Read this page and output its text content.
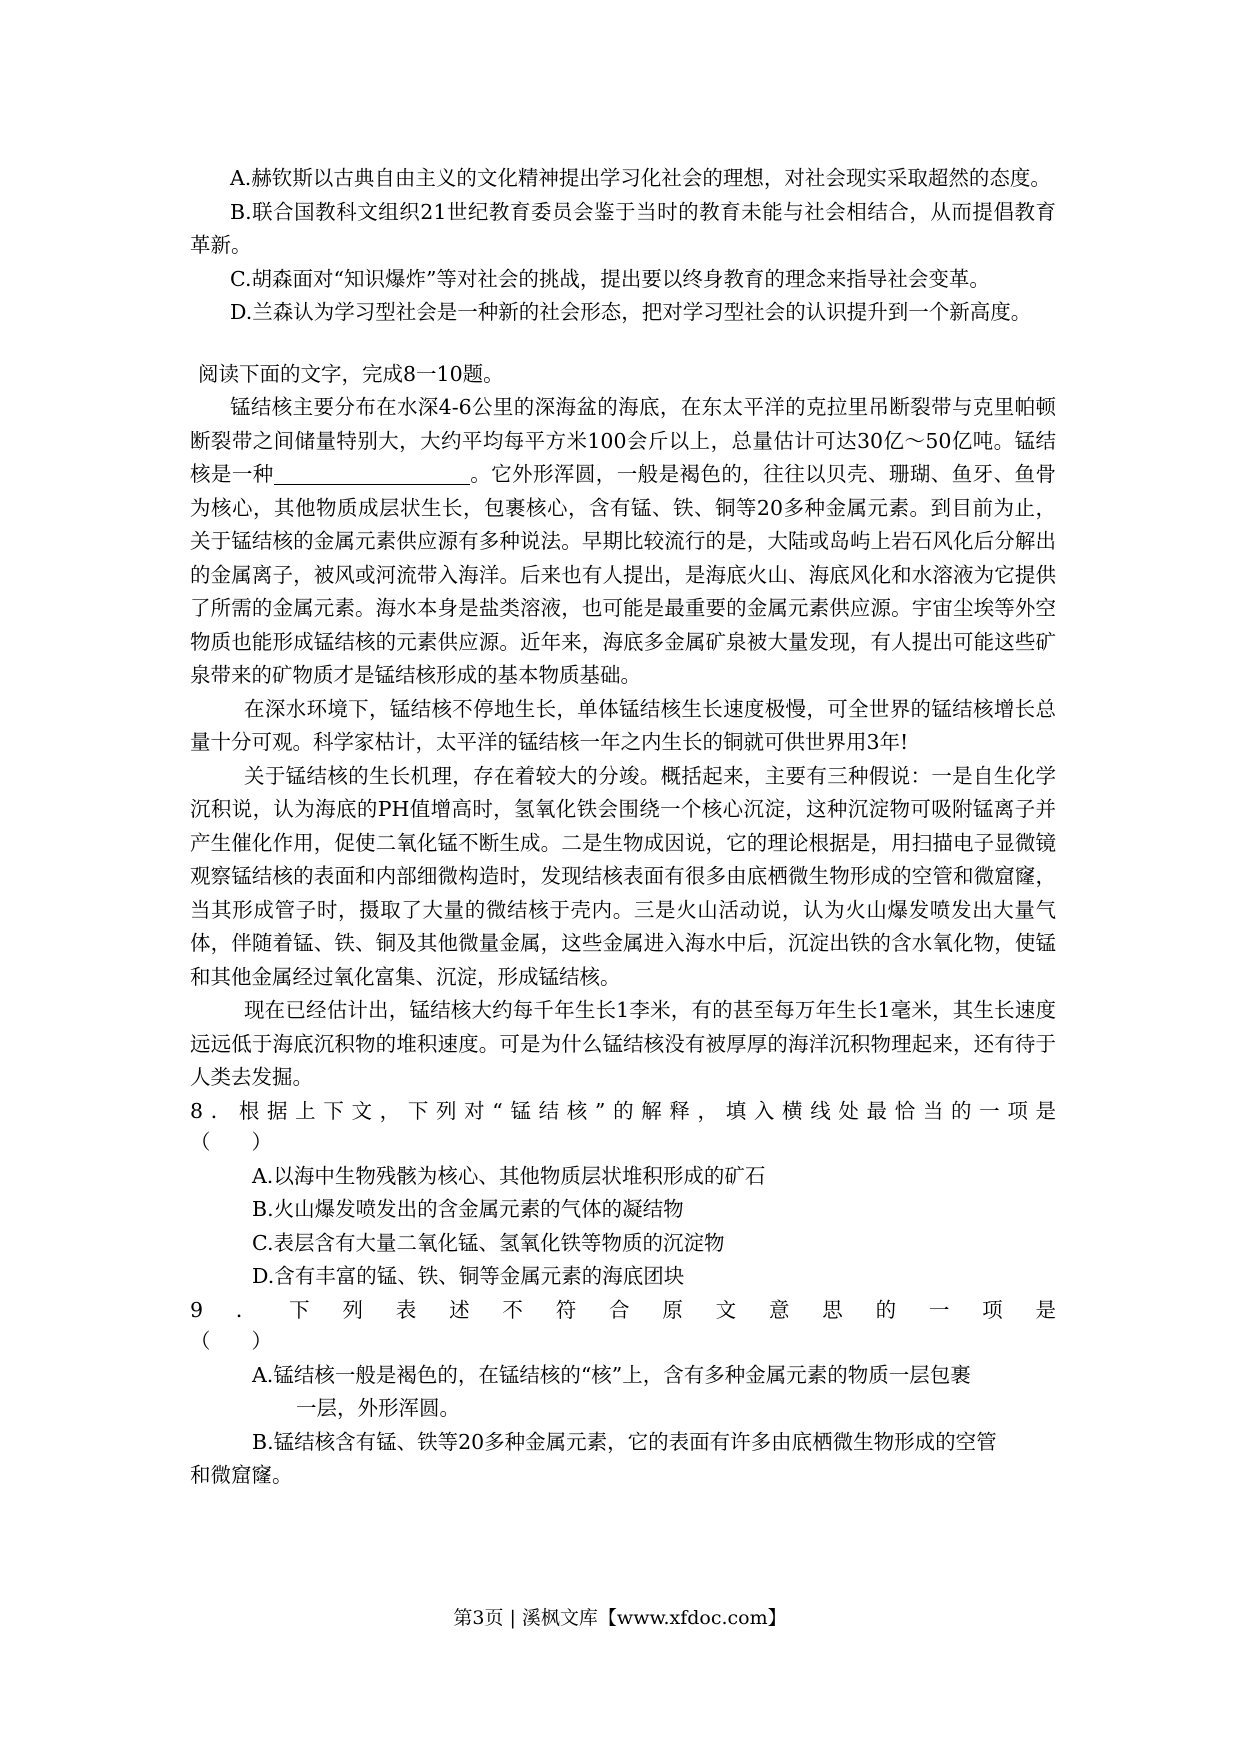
A.赫钦斯以古典自由主义的文化精神提出学习化社会的理想，对社会现实采取超然的态度。

B.联合国教科文组织21世纪教育委员会鉴于当时的教育未能与社会相结合，从而提倡教育革新。

C.胡森面对“知识爆炸”等对社会的挑战，提出要以终身教育的理念来指导社会变革。

D.兰森认为学习型社会是一种新的社会形态，把对学习型社会的认识提升到一个新高度。

阅读下面的文字，完成8一10题。

锰结核主要分布在水深4-6公里的深海盆的海底，在东太平洋的克拉里吊断裂带与克里帕顿断裂带之间储量特别大，大约平均每平方米100会斤以上，总量估计可达30亿～50亿吨。锰结核是一种	。它外形浑圆，一般是褐色的，往往以贝壳、珊瑚、鱼牙、鱼骨为核心，其他物质成层状生长，包裹核心，含有锰、铁、铜等20多种金属元素。到目前为止，关于锰结核的金属元素供应源有多种说法。早期比较流行的是，大陆或岛屿上岩石风化后分解出的金属离子，被风或河流带入海洋。后来也有人提出，是海底火山、海底风化和水溶液为它提供了所需的金属元素。海水本身是盐类溶液，也可能是最重要的金属元素供应源。宇宙尘埃等外空物质也能形成锰结核的元素供应源。近年来，海底多金属矿泉被大量发现，有人提出可能这些矿泉带来的矿物质才是锰结核形成的基本物质基础。

在深水环境下，锰结核不停地生长，单体锰结核生长速度极慢，可全世界的锰结核增长总量十分可观。科学家枯计，太平洋的锰结核一年之内生长的铜就可供世界用3年!

关于锰结核的生长机理，存在着较大的分竣。概括起来，主要有三种假说：一是自生化学沉积说，认为海底的PH值增高时，氢氧化铁会围绕一个核心沉淀，这种沉淀物可吸附锰离子并产生催化作用，促使二氧化锰不断生成。二是生物成因说，它的理论根据是，用扫描电子显微镜观察锰结核的表面和内部细微构造时，发现结核表面有很多由底栖微生物形成的空管和微窟窿，当其形成管子时，摄取了大量的微结核于壳内。三是火山活动说，认为火山爆发喷发出大量气体，伴随着锰、铁、铜及其他微量金属，这些金属进入海水中后，沉淀出铁的含水氧化物，使锰和其他金属经过氧化富集、沉淀，形成锰结核。

现在已经估计出，锰结核大约每千年生长1李米，有的甚至每万年生长1毫米，其生长速度远远低于海底沉积物的堆积速度。可是为什么锰结核没有被厚厚的海洋沉积物理起来，还有待于人类去发掘。

8．根据上下文，下列对“锰结核”的解释，填入横线处最恰当的一项是

（　　）

A.以海中生物残骸为核心、其他物质层状堆积形成的矿石

B.火山爆发喷发出的含金属元素的气体的凝结物

C.表层含有大量二氧化锰、氢氧化铁等物质的沉淀物

D.含有丰富的锰、铁、铜等金属元素的海底团块

9．下列表述不符合原文意思的一项是

（　　）

A.锰结核一般是褐色的，在锰结核的“核”上，含有多种金属元素的物质一层包裹

一层，外形浑圆。

B.锰结核含有锰、铁等20多种金属元素，它的表面有许多由底栖微生物形成的空管

和微窟窿。

第3页 | 溪枫文库【www.xfdoc.com】
